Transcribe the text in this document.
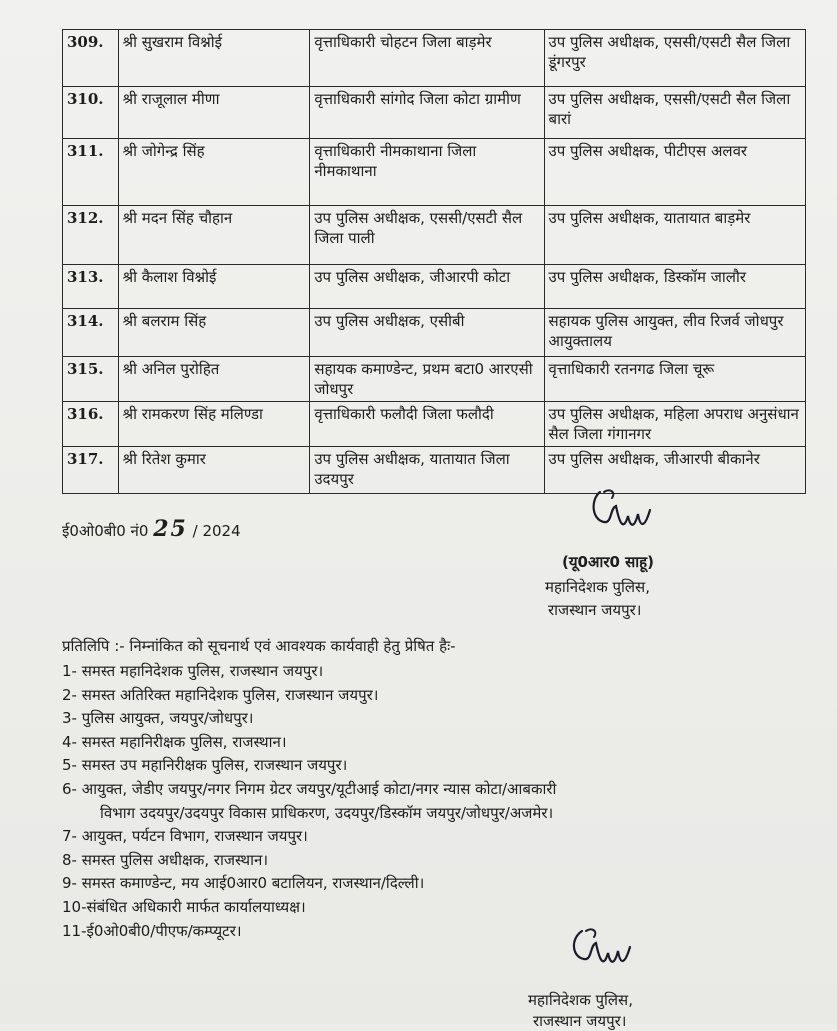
309.	श्री सुखराम विश्नोई	वृत्ताधिकारी चोहटन जिला बाड़मेर	उप पुलिस अधीक्षक, एससी/एसटी सैल जिला डूंगरपुर
310.	श्री राजूलाल मीणा	वृत्ताधिकारी सांगोद जिला कोटा ग्रामीण	उप पुलिस अधीक्षक, एससी/एसटी सैल जिला बारां
311.	श्री जोगेन्द्र सिंह	वृत्ताधिकारी नीमकाथाना जिला नीमकाथाना	उप पुलिस अधीक्षक, पीटीएस अलवर
312.	श्री मदन सिंह चौहान	उप पुलिस अधीक्षक, एससी/एसटी सैल जिला पाली	उप पुलिस अधीक्षक, यातायात बाड़मेर
313.	श्री कैलाश विश्नोई	उप पुलिस अधीक्षक, जीआरपी कोटा	उप पुलिस अधीक्षक, डिस्कॉम जालौर
314.	श्री बलराम सिंह	उप पुलिस अधीक्षक, एसीबी	सहायक पुलिस आयुक्त, लीव रिजर्व जोधपुर आयुक्तालय
315.	श्री अनिल पुरोहित	सहायक कमाण्डेन्ट, प्रथम बटा0 आरएसी जोधपुर	वृत्ताधिकारी रतनगढ जिला चूरू
316.	श्री रामकरण सिंह मलिण्डा	वृत्ताधिकारी फलौदी जिला फलौदी	उप पुलिस अधीक्षक, महिला अपराध अनुसंधान सैल जिला गंगानगर
317.	श्री रितेश कुमार	उप पुलिस अधीक्षक, यातायात जिला उदयपुर	उप पुलिस अधीक्षक, जीआरपी बीकानेर
ई0ओ0बी0 नं0 25 / 2024
(यू0आर0 साहू)
महानिदेशक पुलिस,
राजस्थान जयपुर।
प्रतिलिपि :- निम्नांकित को सूचनार्थ एवं आवश्यक कार्यवाही हेतु प्रेषित हैः-
1- समस्त महानिदेशक पुलिस, राजस्थान जयपुर।
2- समस्त अतिरिक्त महानिदेशक पुलिस, राजस्थान जयपुर।
3- पुलिस आयुक्त, जयपुर/जोधपुर।
4- समस्त महानिरीक्षक पुलिस, राजस्थान।
5- समस्त उप महानिरीक्षक पुलिस, राजस्थान जयपुर।
6- आयुक्त, जेडीए जयपुर/नगर निगम ग्रेटर जयपुर/यूटीआई कोटा/नगर न्यास कोटा/आबकारी
विभाग उदयपुर/उदयपुर विकास प्राधिकरण, उदयपुर/डिस्कॉम जयपुर/जोधपुर/अजमेर।
7- आयुक्त, पर्यटन विभाग, राजस्थान जयपुर।
8- समस्त पुलिस अधीक्षक, राजस्थान।
9- समस्त कमाण्डेन्ट, मय आई0आर0 बटालियन, राजस्थान/दिल्ली।
10-संबंधित अधिकारी मार्फत कार्यालयाध्यक्ष।
11-ई0ओ0बी0/पीएफ/कम्प्यूटर।
महानिदेशक पुलिस,
राजस्थान जयपुर।
